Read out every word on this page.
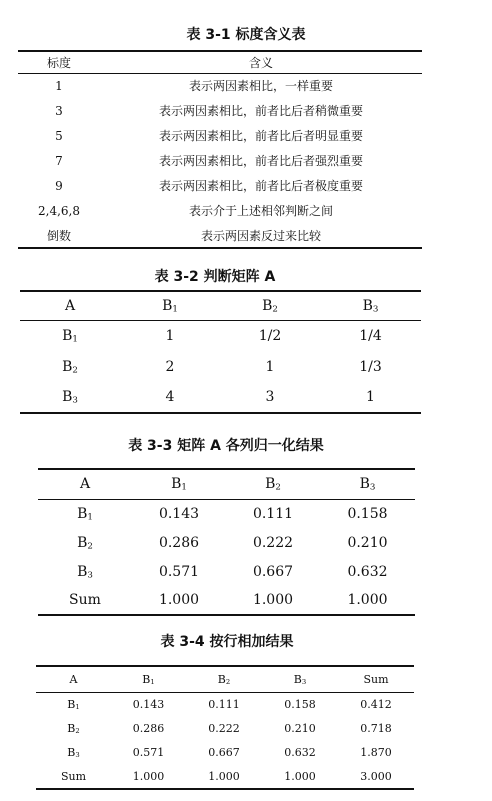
表 3-1 标度含义表
标度	含义
1	表示两因素相比，一样重要
3	表示两因素相比，前者比后者稍微重要
5	表示两因素相比，前者比后者明显重要
7	表示两因素相比，前者比后者强烈重要
9	表示两因素相比，前者比后者极度重要
2,4,6,8	表示介于上述相邻判断之间
倒数	表示两因素反过来比较
表 3-2 判断矩阵 A
A	$B_1$	$B_2$	$B_3$
$B_1$	1	1/2	1/4
$B_2$	2	1	1/3
$B_3$	4	3	1
表 3-3 矩阵 A 各列归一化结果
A	$B_1$	$B_2$	$B_3$
$B_1$	0.143	0.111	0.158
$B_2$	0.286	0.222	0.210
$B_3$	0.571	0.667	0.632
Sum	1.000	1.000	1.000
表 3-4 按行相加结果
A	$B_1$	$B_2$	$B_3$	Sum
$B_1$	0.143	0.111	0.158	0.412
$B_2$	0.286	0.222	0.210	0.718
$B_3$	0.571	0.667	0.632	1.870
Sum	1.000	1.000	1.000	3.000
